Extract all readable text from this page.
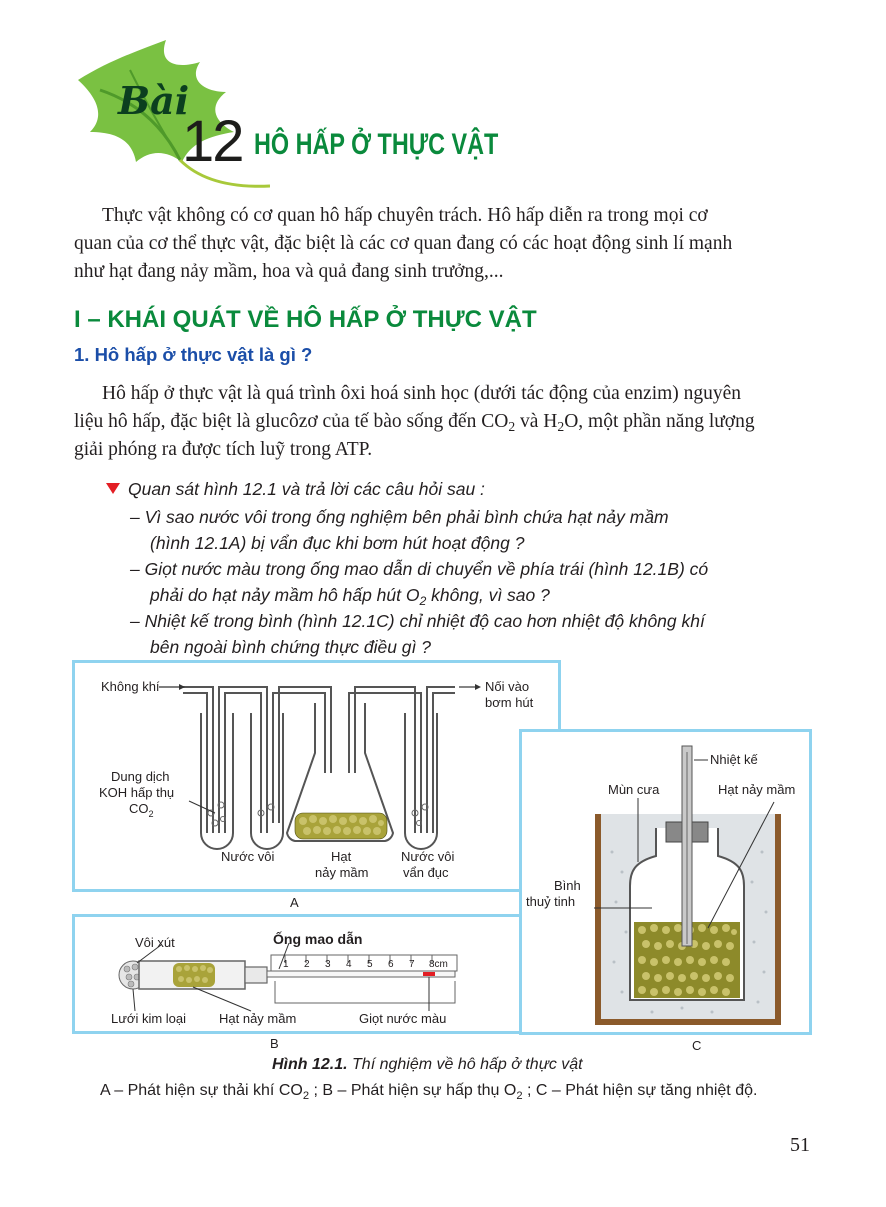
Bài
12 HÔ HẤP Ở THỰC VẬT
Thực vật không có cơ quan hô hấp chuyên trách. Hô hấp diễn ra trong mọi cơ
quan của cơ thể thực vật, đặc biệt là các cơ quan đang có các hoạt động sinh lí mạnh
như hạt đang nảy mầm, hoa và quả đang sinh trưởng,...
I – KHÁI QUÁT VỀ HÔ HẤP Ở THỰC VẬT
1. Hô hấp ở thực vật là gì ?
Hô hấp ở thực vật là quá trình ôxi hoá sinh học (dưới tác động của enzim) nguyên
liệu hô hấp, đặc biệt là glucôzơ của tế bào sống đến $CO_2$ và $H_2O$, một phần năng lượng
giải phóng ra được tích luỹ trong ATP.
Quan sát hình 12.1 và trả lời các câu hỏi sau :
– Vì sao nước vôi trong ống nghiệm bên phải bình chứa hạt nảy mầm
(hình 12.1A) bị vẩn đục khi bơm hút hoạt động ?
– Giọt nước màu trong ống mao dẫn di chuyển về phía trái (hình 12.1B) có
phải do hạt nảy mầm hô hấp hút $O_2$ không, vì sao ?
– Nhiệt kế trong bình (hình 12.1C) chỉ nhiệt độ cao hơn nhiệt độ không khí
bên ngoài bình chứng thực điều gì ?
Không khí	Nối vào
bơm hút
Dung dịch
KOH hấp thụ
$CO_2$
Nước vôi	Hạt
nảy mầm
Nước vôi
vẩn đục
A
Vôi xút	Ống mao dẫn
1 2 3 4 5 6 7 8cm
Lưới kim loại	Hạt nảy mầm	Giọt nước màu
B
Nhiệt kế
Mùn cưa	Hạt nảy mầm
Bình
thuỷ tinh
C
Hình 12.1. Thí nghiệm về hô hấp ở thực vật
A – Phát hiện sự thải khí $CO_2$ ; B – Phát hiện sự hấp thụ $O_2$ ; C – Phát hiện sự tăng nhiệt độ.
51
